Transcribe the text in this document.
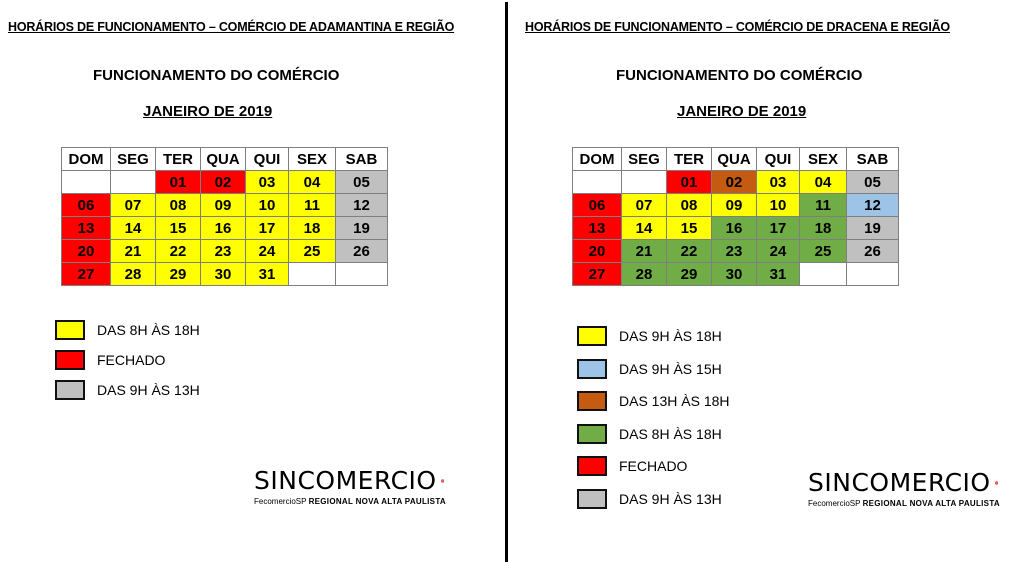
HORÁRIOS DE FUNCIONAMENTO – COMÉRCIO DE ADAMANTINA E REGIÃO
FUNCIONAMENTO DO COMÉRCIO
JANEIRO DE 2019
DOM	SEG	TER	QUA	QUI	SEX	SAB
		01	02	03	04	05
06	07	08	09	10	11	12
13	14	15	16	17	18	19
20	21	22	23	24	25	26
27	28	29	30	31		
DAS 8H ÀS 18H
FECHADO
DAS 9H ÀS 13H
SINCOMERCIO
FecomercioSP REGIONAL NOVA ALTA PAULISTA
HORÁRIOS DE FUNCIONAMENTO – COMÉRCIO DE DRACENA E REGIÃO
FUNCIONAMENTO DO COMÉRCIO
JANEIRO DE 2019
DOM	SEG	TER	QUA	QUI	SEX	SAB
		01	02	03	04	05
06	07	08	09	10	11	12
13	14	15	16	17	18	19
20	21	22	23	24	25	26
27	28	29	30	31		
DAS 9H ÀS 18H
DAS 9H ÀS 15H
DAS 13H ÀS 18H
DAS 8H ÀS 18H
FECHADO
DAS 9H ÀS 13H
SINCOMERCIO
FecomercioSP REGIONAL NOVA ALTA PAULISTA
